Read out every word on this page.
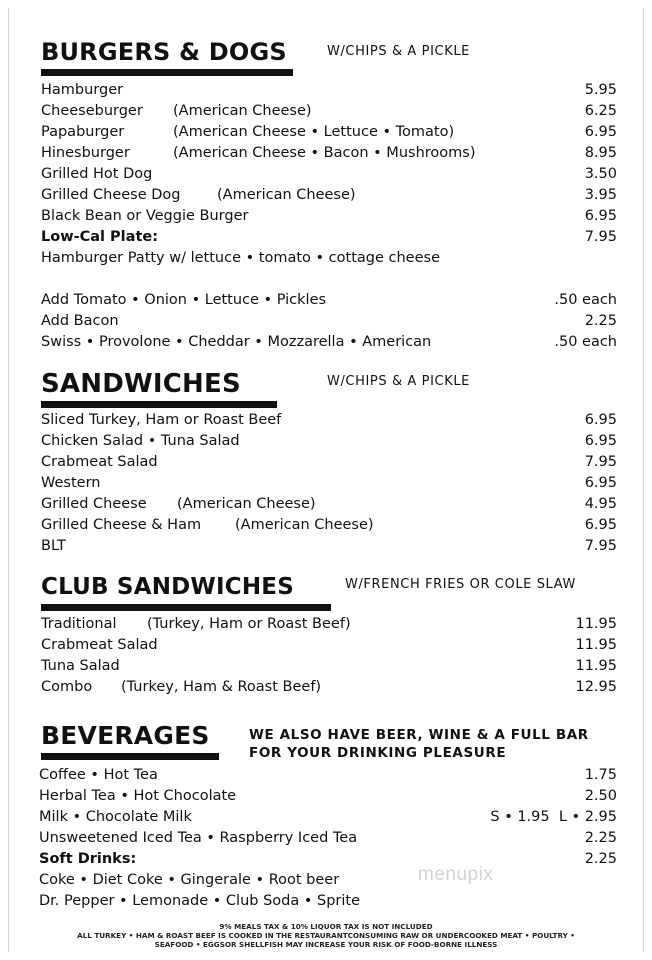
BURGERS & DOGS	W/CHIPS & A PICKLE
Hamburger	5.95
Cheeseburger (American Cheese)	6.25
Papaburger	(American Cheese • Lettuce • Tomato)	6.95
Hinesburger	(American Cheese • Bacon • Mushrooms)	8.95
Grilled Hot Dog	3.50
Grilled Cheese Dog	(American Cheese)	3.95
Black Bean or Veggie Burger	6.95
Low-Cal Plate:	7.95
Hamburger Patty w/ lettuce • tomato • cottage cheese
Add Tomato • Onion • Lettuce • Pickles	.50 each
Add Bacon	2.25
Swiss • Provolone • Cheddar • Mozzarella • American	.50 each
SANDWICHES	W/CHIPS & A PICKLE
Sliced Turkey, Ham or Roast Beef	6.95
Chicken Salad • Tuna Salad	6.95
Crabmeat Salad	7.95
Western	6.95
Grilled Cheese (American Cheese)	4.95
Grilled Cheese & Ham (American Cheese)	6.95
BLT	7.95
CLUB SANDWICHES	W/FRENCH FRIES OR COLE SLAW
Traditional (Turkey, Ham or Roast Beef)	11.95
Crabmeat Salad	11.95
Tuna Salad	11.95
Combo (Turkey, Ham & Roast Beef)	12.95
BEVERAGES	WE ALSO HAVE BEER, WINE & A FULL BAR
FOR YOUR DRINKING PLEASURE
Coffee • Hot Tea	1.75
Herbal Tea • Hot Chocolate	2.50
Milk • Chocolate Milk	S • 1.95  L • 2.95
Unsweetened Iced Tea • Raspberry Iced Tea	2.25
Soft Drinks:	2.25
Coke • Diet Coke • Gingerale • Root beer
Dr. Pepper • Lemonade • Club Soda • Sprite
menupix
9% MEALS TAX & 10% LIQUOR TAX IS NOT INCLUDED
ALL TURKEY • HAM & ROAST BEEF IS COOKED IN THE RESTAURANTCONSUMING RAW OR UNDERCOOKED MEAT • POULTRY •
SEAFOOD • EGGSOR SHELLFISH MAY INCREASE YOUR RISK OF FOOD-BORNE ILLNESS
